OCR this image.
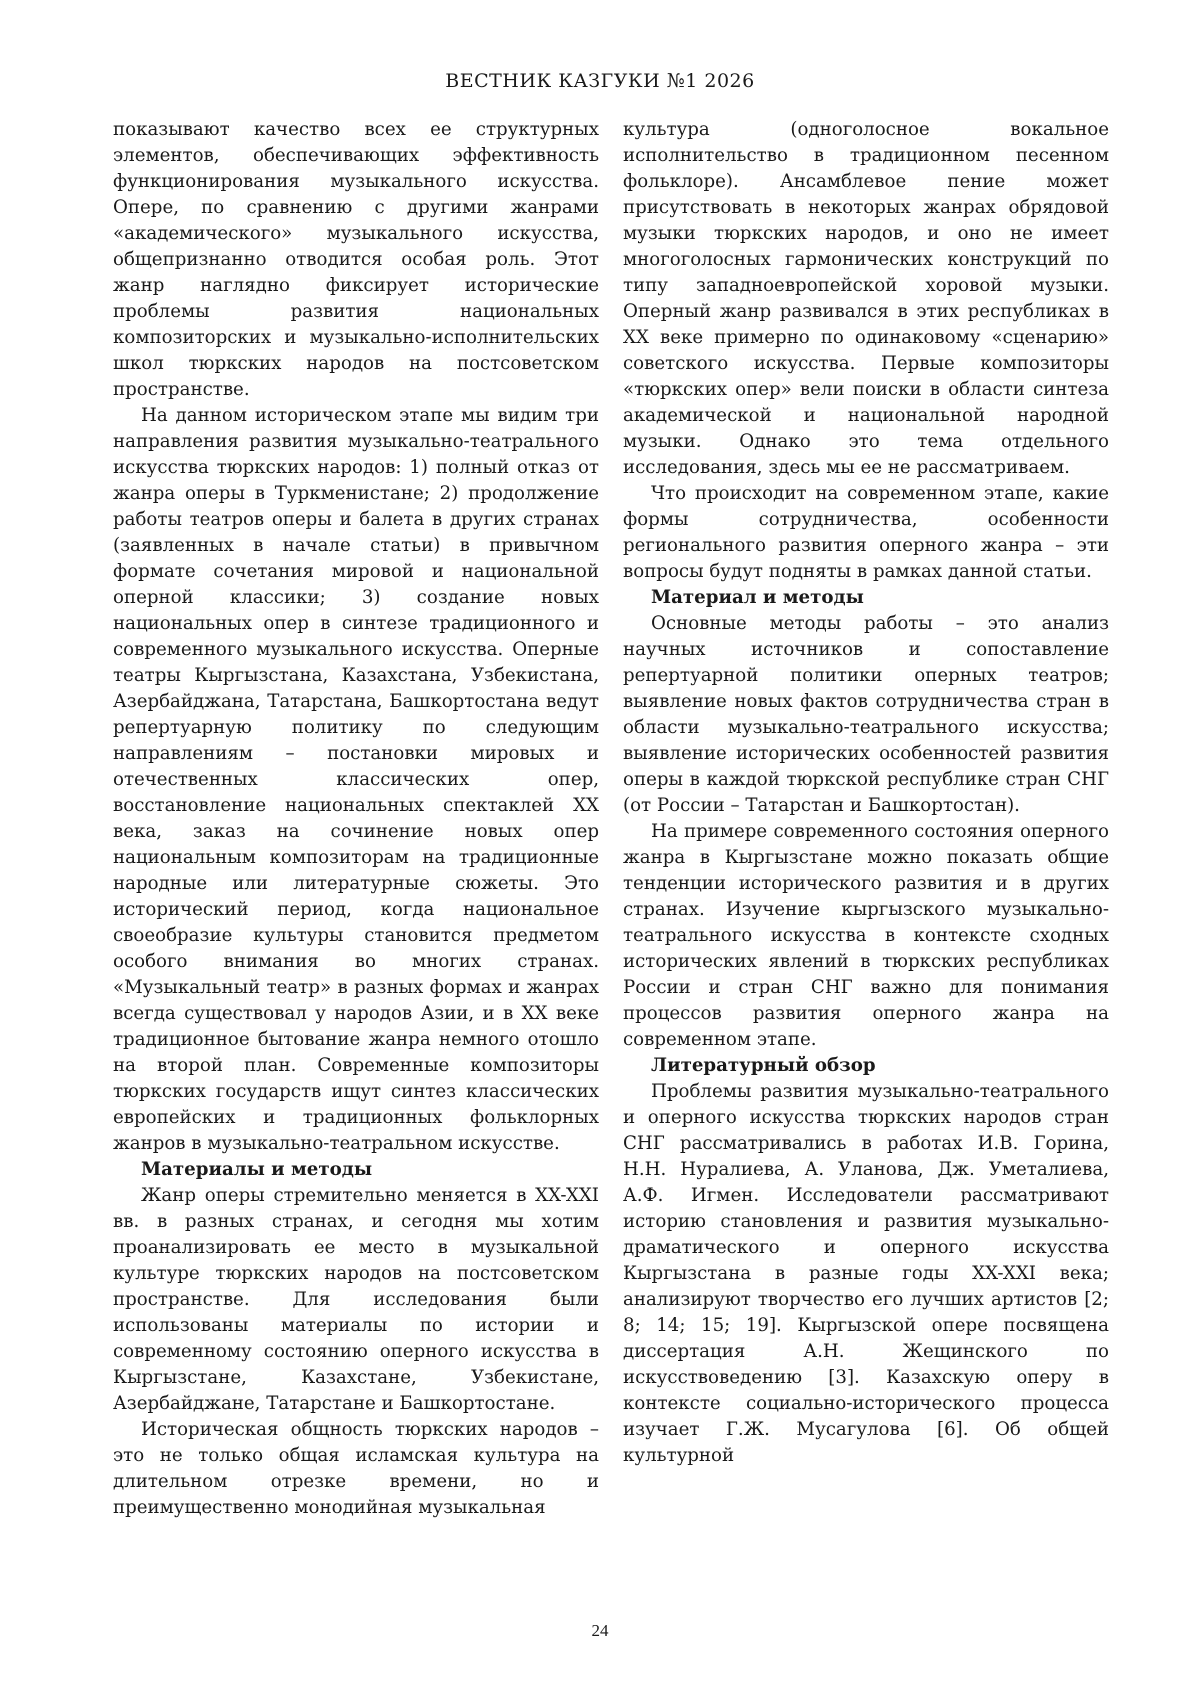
ВЕСТНИК КАЗГУКИ №1 2026

показывают качество всех ее структурных элементов, обеспечивающих эффективность функционирования музыкального искусства. Опере, по сравнению с другими жанрами «академического» музыкального искусства, общепризнанно отводится особая роль. Этот жанр наглядно фиксирует исторические проблемы развития национальных композиторских и музыкально-исполнительских школ тюркских народов на постсоветском пространстве.

На данном историческом этапе мы видим три направления развития музыкально-театрального искусства тюркских народов: 1) полный отказ от жанра оперы в Туркменистане; 2) продолжение работы театров оперы и балета в других странах (заявленных в начале статьи) в привычном формате сочетания мировой и национальной оперной классики; 3) создание новых национальных опер в синтезе традиционного и современного музыкального искусства. Оперные театры Кыргызстана, Казахстана, Узбекистана, Азербайджана, Татарстана, Башкортостана ведут репертуарную политику по следующим направлениям – постановки мировых и отечественных классических опер, восстановление национальных спектаклей XX века, заказ на сочинение новых опер национальным композиторам на традиционные народные или литературные сюжеты. Это исторический период, когда национальное своеобразие культуры становится предметом особого внимания во многих странах. «Музыкальный театр» в разных формах и жанрах всегда существовал у народов Азии, и в XX веке традиционное бытование жанра немного отошло на второй план. Современные композиторы тюркских государств ищут синтез классических европейских и традиционных фольклорных жанров в музыкально-театральном искусстве.

Материалы и методы

Жанр оперы стремительно меняется в XX-XXI вв. в разных странах, и сегодня мы хотим проанализировать ее место в музыкальной культуре тюркских народов на постсоветском пространстве. Для исследования были использованы материалы по истории и современному состоянию оперного искусства в Кыргызстане, Казахстане, Узбекистане, Азербайджане, Татарстане и Башкортостане.

Историческая общность тюркских народов – это не только общая исламская культура на длительном отрезке времени, но и преимущественно монодийная музыкальная

культура (одноголосное вокальное исполнительство в традиционном песенном фольклоре). Ансамблевое пение может присутствовать в некоторых жанрах обрядовой музыки тюркских народов, и оно не имеет многоголосных гармонических конструкций по типу западноевропейской хоровой музыки. Оперный жанр развивался в этих республиках в XX веке примерно по одинаковому «сценарию» советского искусства. Первые композиторы «тюркских опер» вели поиски в области синтеза академической и национальной народной музыки. Однако это тема отдельного исследования, здесь мы ее не рассматриваем.

Что происходит на современном этапе, какие формы сотрудничества, особенности регионального развития оперного жанра – эти вопросы будут подняты в рамках данной статьи.

Материал и методы

Основные методы работы – это анализ научных источников и сопоставление репертуарной политики оперных театров; выявление новых фактов сотрудничества стран в области музыкально-театрального искусства; выявление исторических особенностей развития оперы в каждой тюркской республике стран СНГ (от России – Татарстан и Башкортостан).

На примере современного состояния оперного жанра в Кыргызстане можно показать общие тенденции исторического развития и в других странах. Изучение кыргызского музыкально-театрального искусства в контексте сходных исторических явлений в тюркских республиках России и стран СНГ важно для понимания процессов развития оперного жанра на современном этапе.

Литературный обзор

Проблемы развития музыкально-театрального и оперного искусства тюркских народов стран СНГ рассматривались в работах И.В. Горина, Н.Н. Нуралиева, А. Уланова, Дж. Уметалиева, А.Ф. Игмен. Исследователи рассматривают историю становления и развития музыкально-драматического и оперного искусства Кыргызстана в разные годы XX-XXI века; анализируют творчество его лучших артистов [2; 8; 14; 15; 19]. Кыргызской опере посвящена диссертация А.Н. Жещинского по искусствоведению [3]. Казахскую оперу в контексте социально-исторического процесса изучает Г.Ж. Мусагулова [6]. Об общей культурной

24
